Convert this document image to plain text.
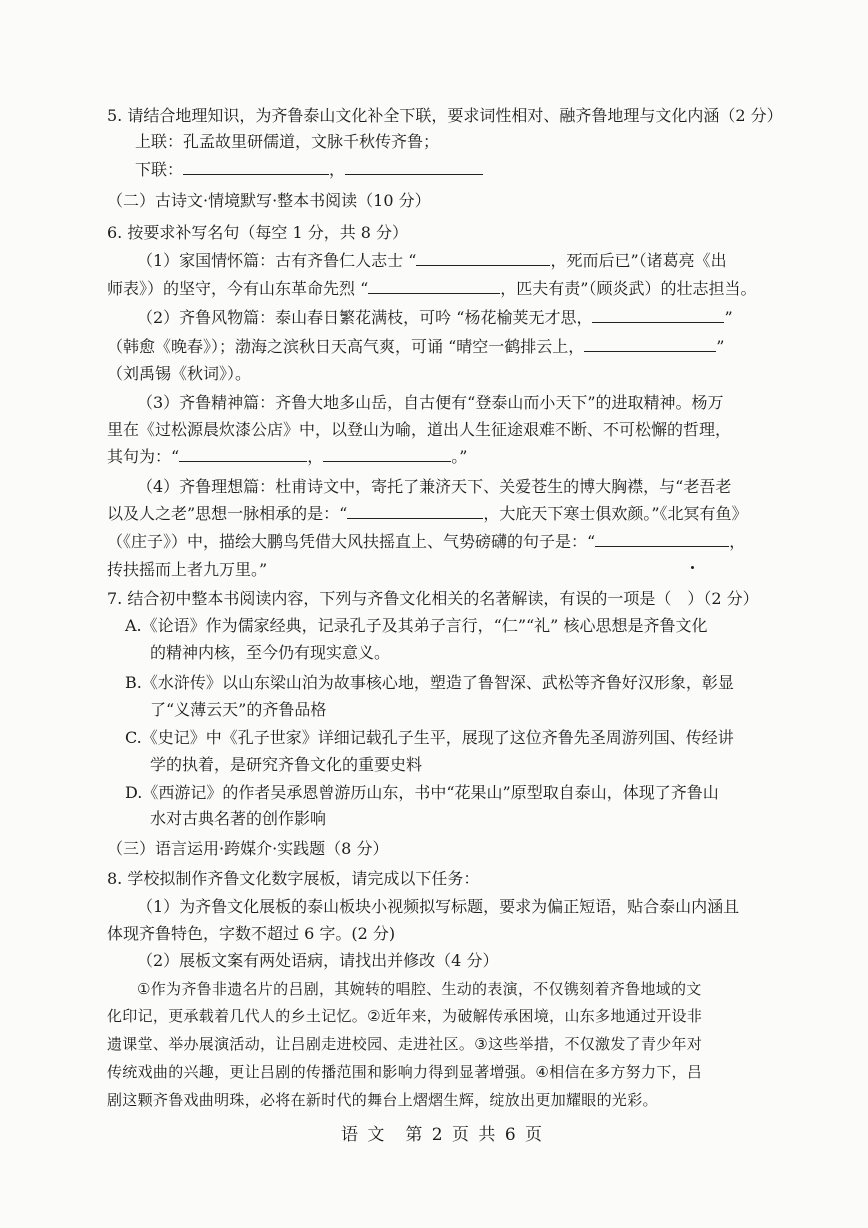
5. 请结合地理知识，为齐鲁泰山文化补全下联，要求词性相对、融齐鲁地理与文化内涵（2 分）
上联：孔孟故里研儒道，文脉千秋传齐鲁；
下联：	，
（二）古诗文·情境默写·整本书阅读（10 分）
6. 按要求补写名句（每空 1 分，共 8 分）
（1）家国情怀篇：古有齐鲁仁人志士 “	，死而后已”（诸葛亮《出
师表》）的坚守，今有山东革命先烈 “	，匹夫有责”（顾炎武）的壮志担当。
（2）齐鲁风物篇：泰山春日繁花满枝，可吟 “杨花榆荚无才思，	”
（韩愈《晚春》）；渤海之滨秋日天高气爽，可诵 “晴空一鹤排云上，	”
（刘禹锡《秋词》）。
（3）齐鲁精神篇：齐鲁大地多山岳，自古便有“登泰山而小天下”的进取精神。杨万
里在《过松源晨炊漆公店》中，以登山为喻，道出人生征途艰难不断、不可松懈的哲理，
其句为：“	，	。”
（4）齐鲁理想篇：杜甫诗文中，寄托了兼济天下、关爱苍生的博大胸襟，与“老吾老
以及人之老”思想一脉相承的是：“	，大庇天下寒士俱欢颜。”《北冥有鱼》
（《庄子》）中，描绘大鹏鸟凭借大风扶摇直上、气势磅礴的句子是：“	，
抟扶摇而上者九万里。”
7. 结合初中整本书阅读内容，下列与齐鲁文化相关的名著解读，有误的一项是（　）（2 分）
A.《论语》作为儒家经典，记录孔子及其弟子言行，“仁”“礼” 核心思想是齐鲁文化
的精神内核，至今仍有现实意义。
B.《水浒传》以山东梁山泊为故事核心地，塑造了鲁智深、武松等齐鲁好汉形象，彰显
了“义薄云天”的齐鲁品格
C.《史记》中《孔子世家》详细记载孔子生平，展现了这位齐鲁先圣周游列国、传经讲
学的执着，是研究齐鲁文化的重要史料
D.《西游记》的作者吴承恩曾游历山东，书中“花果山”原型取自泰山，体现了齐鲁山
水对古典名著的创作影响
（三）语言运用·跨媒介·实践题（8 分）
8. 学校拟制作齐鲁文化数字展板，请完成以下任务：
（1）为齐鲁文化展板的泰山板块小视频拟写标题，要求为偏正短语，贴合泰山内涵且
体现齐鲁特色，字数不超过 6 字。(2 分)
（2）展板文案有两处语病，请找出并修改（4 分）
①作为齐鲁非遗名片的吕剧，其婉转的唱腔、生动的表演，不仅镌刻着齐鲁地域的文
化印记，更承载着几代人的乡土记忆。②近年来，为破解传承困境，山东多地通过开设非
遗课堂、举办展演活动，让吕剧走进校园、走进社区。③这些举措，不仅激发了青少年对
传统戏曲的兴趣，更让吕剧的传播范围和影响力得到显著增强。④相信在多方努力下，吕
剧这颗齐鲁戏曲明珠，必将在新时代的舞台上熠熠生辉，绽放出更加耀眼的光彩。
语 文　第 2 页 共 6 页
